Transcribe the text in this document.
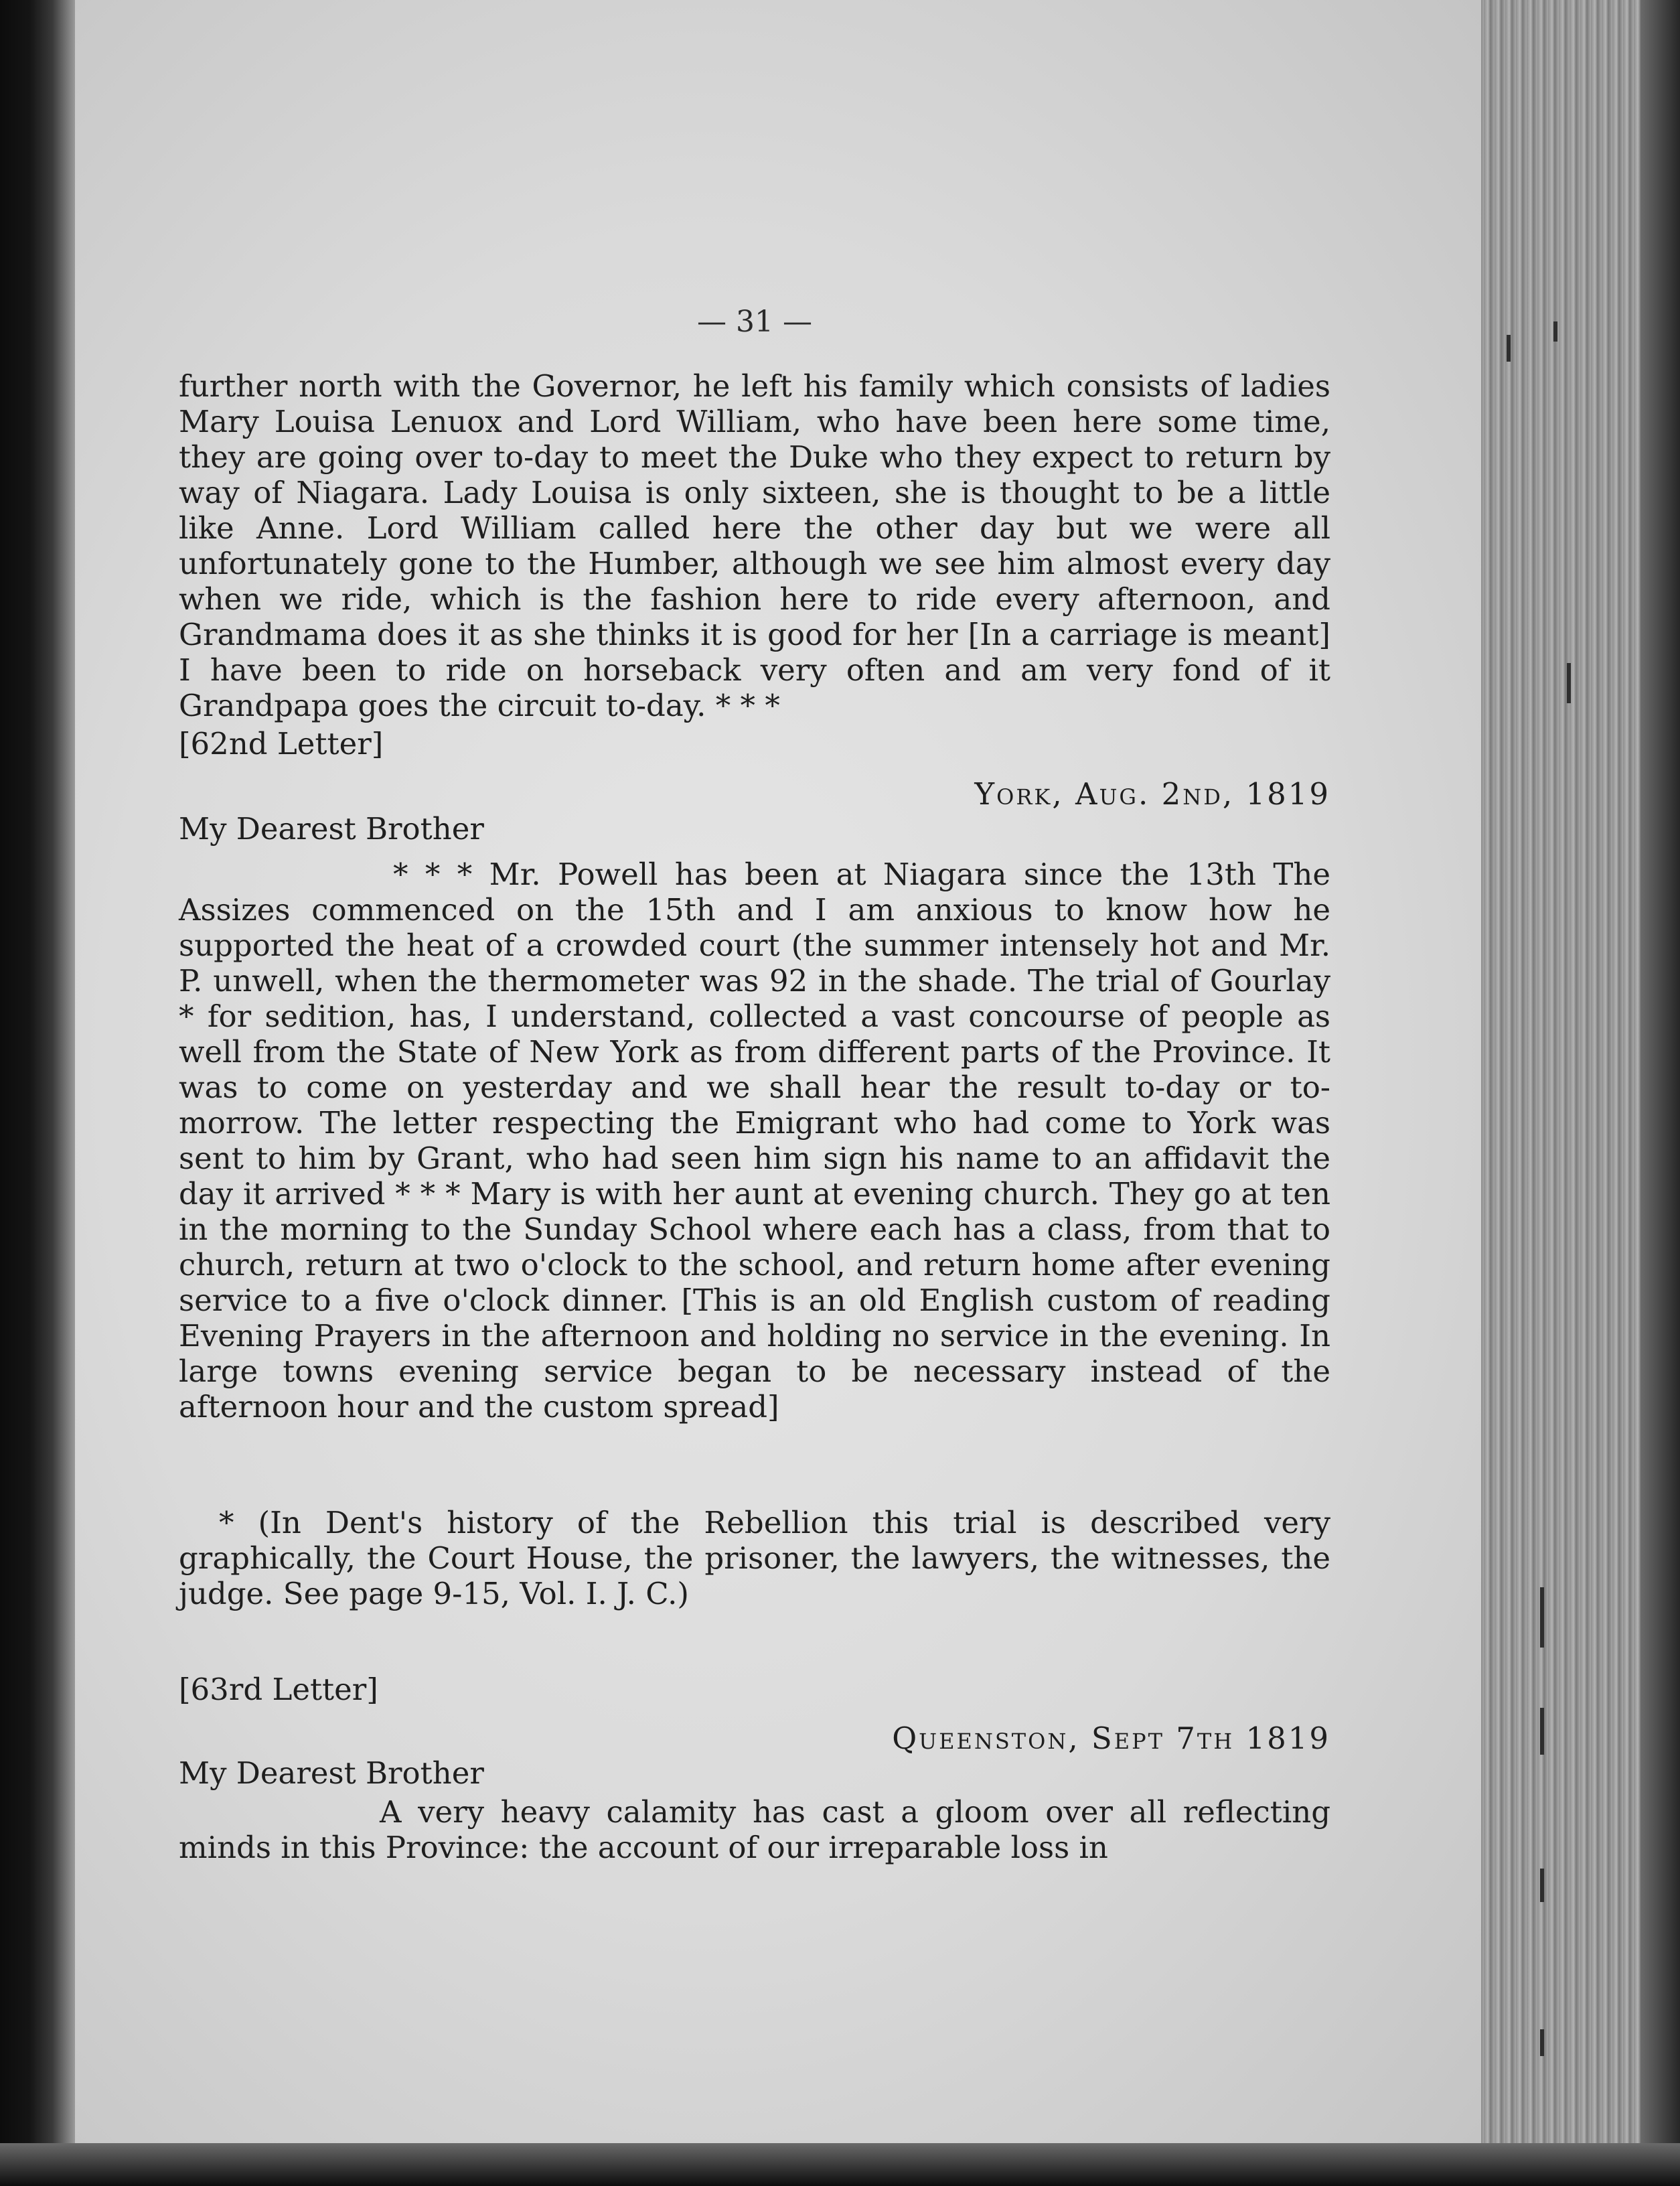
— 31 —

further north with the Governor, he left his family which consists of ladies Mary Louisa Lenuox and Lord William, who have been here some time, they are going over to-day to meet the Duke who they expect to return by way of Niagara. Lady Louisa is only sixteen, she is thought to be a little like Anne. Lord William called here the other day but we were all unfortunately gone to the Humber, although we see him almost every day when we ride, which is the fashion here to ride every afternoon, and Grandmama does it as she thinks it is good for her [In a carriage is meant] I have been to ride on horseback very often and am very fond of it Grandpapa goes the circuit to-day. * * *

[62nd Letter]

York, Aug. 2nd, 1819
My Dearest Brother

* * * Mr. Powell has been at Niagara since the 13th The Assizes commenced on the 15th and I am anxious to know how he supported the heat of a crowded court (the summer intensely hot and Mr. P. unwell, when the thermometer was 92 in the shade. The trial of Gourlay * for sedition, has, I understand, collected a vast concourse of people as well from the State of New York as from different parts of the Province. It was to come on yesterday and we shall hear the result to-day or to-morrow. The letter respecting the Emigrant who had come to York was sent to him by Grant, who had seen him sign his name to an affidavit the day it arrived * * * Mary is with her aunt at evening church. They go at ten in the morning to the Sunday School where each has a class, from that to church, return at two o'clock to the school, and return home after evening service to a five o'clock dinner. [This is an old English custom of reading Evening Prayers in the afternoon and holding no service in the evening. In large towns evening service began to be necessary instead of the afternoon hour and the custom spread]

* (In Dent's history of the Rebellion this trial is described very graphically, the Court House, the prisoner, the lawyers, the witnesses, the judge. See page 9-15, Vol. I. J. C.)

[63rd Letter]

Queenston, Sept 7th 1819
My Dearest Brother

A very heavy calamity has cast a gloom over all reflecting minds in this Province: the account of our irreparable loss in
